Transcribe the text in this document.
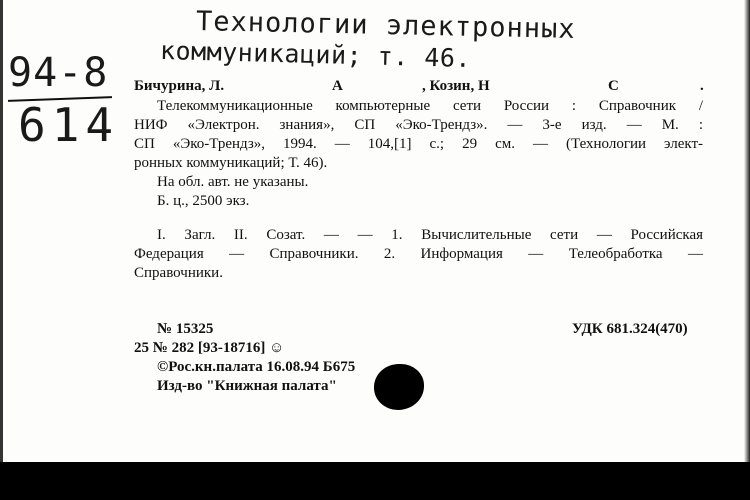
Технологии электронных
коммуникаций; т. 46.
94-8
614
Бичурина, Л.	А	, Козин, Н	С	.
Телекоммуникационные компьютерные сети России : Справочник /
НИФ «Электрон. знания», СП «Эко-Трендз». — 3-е изд. — М. :
СП «Эко-Трендз», 1994. — 104,[1] с.; 29 см. — (Технологии элект-
ронных коммуникаций; Т. 46).
На обл. авт. не указаны.
Б. ц., 2500 экз.
I. Загл. II. Созат. — — 1. Вычислительные сети — Российская
Федерация — Справочники. 2. Информация — Телеобработка —
Справочники.
№ 15325	УДК 681.324(470)
25 № 282 [93-18716] ☺
©Рос.кн.палата 16.08.94 Б675
Изд-во "Книжная палата"
